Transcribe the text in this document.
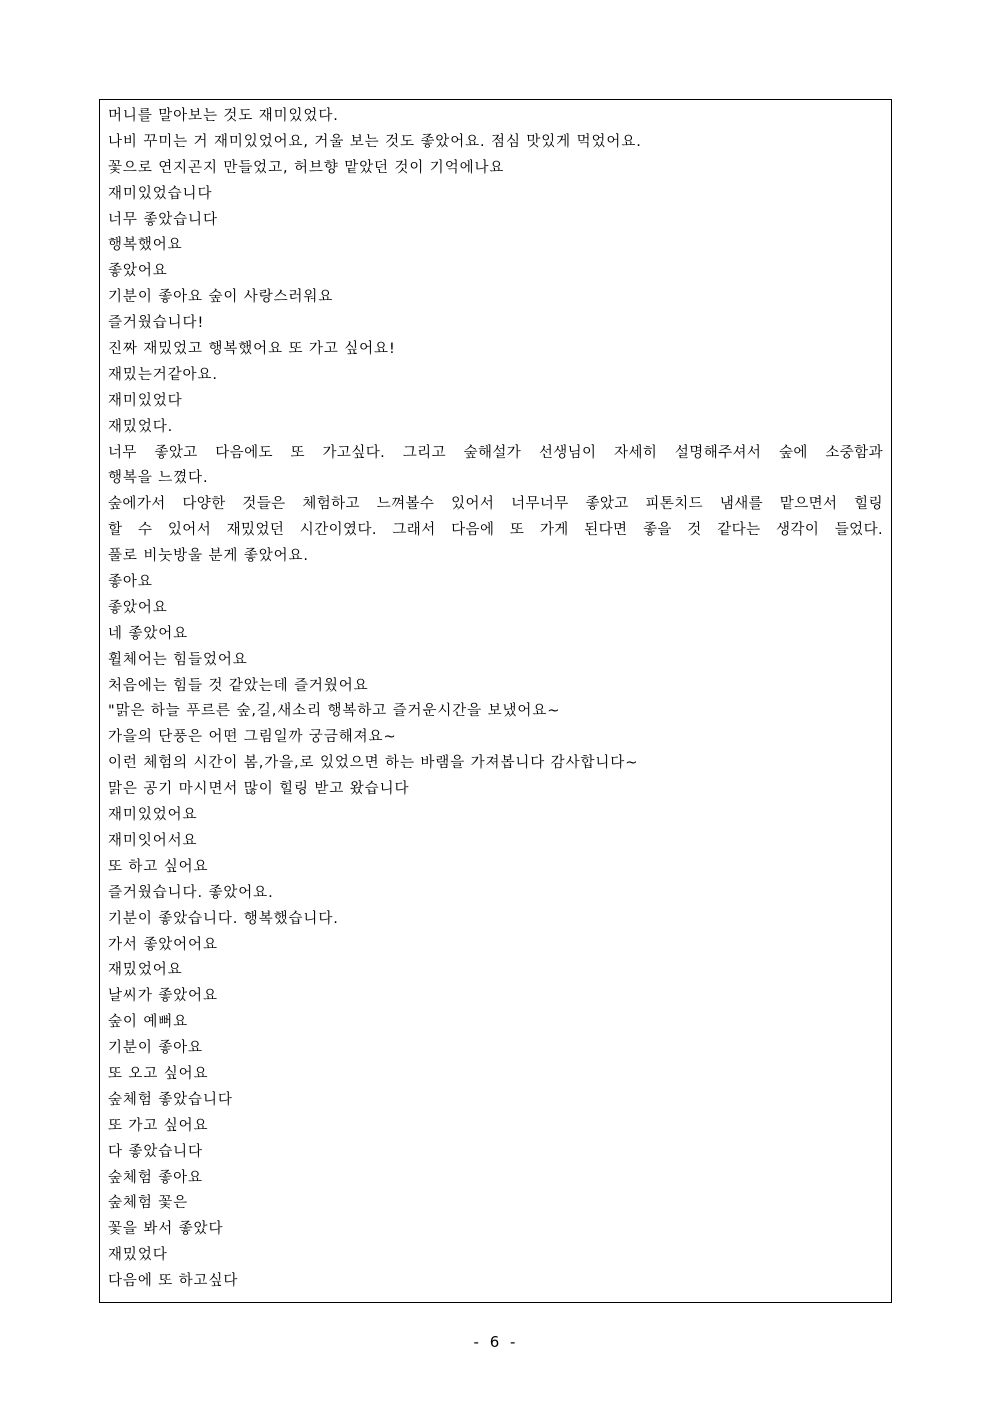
머니를 말아보는 것도 재미있었다.
나비 꾸미는 거 재미있었어요, 거울 보는 것도 좋았어요. 점심 맛있게 먹었어요.
꽃으로 연지곤지 만들었고, 허브향 맡았던 것이 기억에나요
재미있었습니다
너무 좋았습니다
행복했어요
좋았어요
기분이 좋아요 숲이 사랑스러워요
즐거웠습니다!
진짜 재밌었고 행복했어요 또 가고 싶어요!
재밌는거같아요.
재미있었다
재밌었다.
너무 좋았고 다음에도 또 가고싶다. 그리고 숲해설가 선생님이 자세히 설명해주셔서 숲에 소중함과
행복을 느꼈다.
숲에가서 다양한 것들은 체험하고 느껴볼수 있어서 너무너무 좋았고 피톤치드 냄새를 맡으면서 힐링
할 수 있어서 재밌었던 시간이였다. 그래서 다음에 또 가게 된다면 좋을 것 같다는 생각이 들었다.
풀로 비눗방울 분게 좋았어요.
좋아요
좋았어요
네 좋았어요
휠체어는 힘들었어요
처음에는 힘들 것 같았는데 즐거웠어요
"맑은 하늘 푸르른 숲,길,새소리 행복하고 즐거운시간을 보냈어요~
가을의 단풍은 어떤 그림일까 궁금해져요~
이런 체험의 시간이 봄,가을,로 있었으면 하는 바램을 가져봅니다 감사합니다~
맑은 공기 마시면서 많이 힐링 받고 왔습니다
재미있었어요
재미잇어서요
또 하고 싶어요
즐거웠습니다. 좋았어요.
기분이 좋았습니다. 행복했습니다.
가서 좋았어어요
재밌었어요
날씨가 좋았어요
숲이 예뻐요
기분이 좋아요
또 오고 싶어요
숲체험 좋았습니다
또 가고 싶어요
다 좋았습니다
숲체험 좋아요
숲체험 꽃은
꽃을 봐서 좋았다
재밌었다
다음에 또 하고싶다
- 6 -
